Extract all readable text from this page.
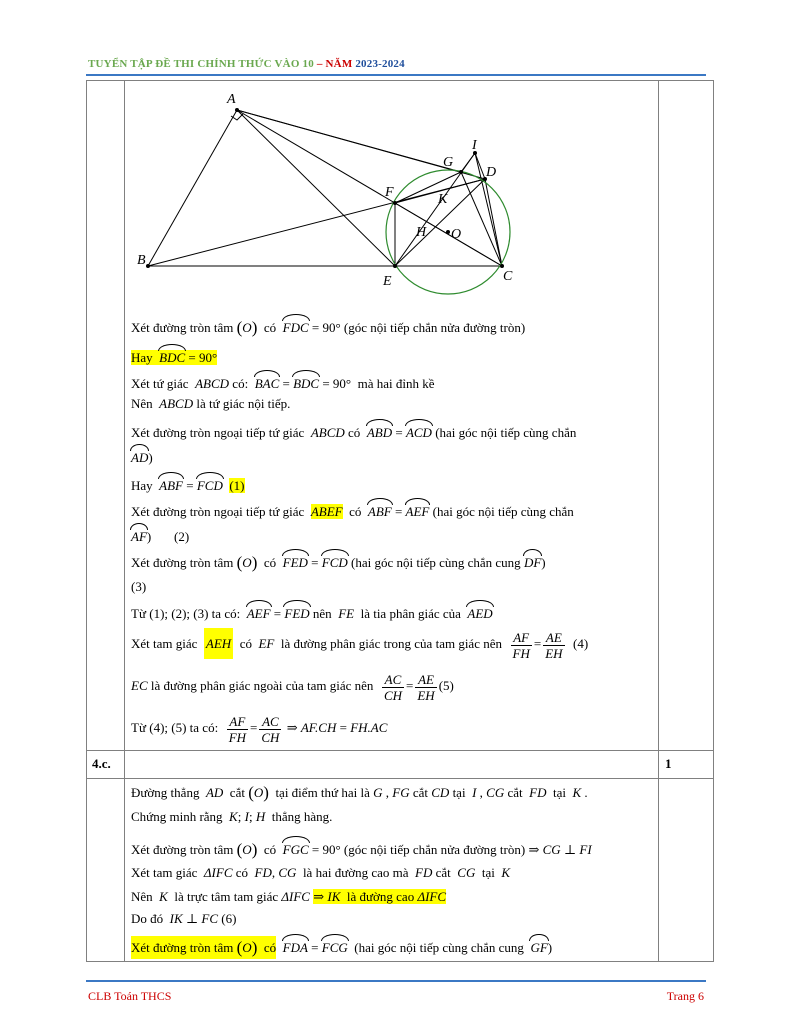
TUYỂN TẬP ĐỀ THI CHÍNH THỨC VÀO 10 – NĂM 2023-2024
A
B
C
D
E
F
G
H
I
K
O
Xét đường tròn tâm (O) có FDC = 90° (góc nội tiếp chắn nửa đường tròn)
Hay BDC = 90°
Xét tứ giác ABCD có: BAC = BDC = 90°  mà hai đỉnh kề
Nên ABCD là tứ giác nội tiếp.
Xét đường tròn ngoại tiếp tứ giác ABCD có ABD = ACD (hai góc nội tiếp cùng chắn
AD)
Hay ABF = FCD (1)
Xét đường tròn ngoại tiếp tứ giác ABEF có ABF = AEF (hai góc nội tiếp cùng chắn
AF)       (2)
Xét đường tròn tâm (O) có FED = FCD (hai góc nội tiếp cùng chắn cung DF)
(3)
Từ (1); (2); (3) ta có: AEF = FED nên FE là tia phân giác của AED
Xét tam giác AEH có EF là đường phân giác trong của tam giác nên $\frac{AF}{FH} = \frac{AE}{EH} (4)$
EC là đường phân giác ngoài của tam giác nên $\frac{AC}{CH} = \frac{AE}{EH} (5)$
Từ (4); (5) ta có: $\frac{AF}{FH} = \frac{AC}{CH}$ ⇒ AF.CH = FH.AC
4.c.	1
Đường thẳng AD cắt (O) tại điểm thứ hai là G , FG cắt CD tại I , CG cắt FD tại K .
Chứng minh rằng K; I; H thẳng hàng.
Xét đường tròn tâm (O) có FGC = 90° (góc nội tiếp chắn nửa đường tròn) ⇒ CG ⊥ FI
Xét tam giác ΔIFC có FD, CG là hai đường cao mà FD cắt CG tại K
Nên K là trực tâm tam giác ΔIFC ⇒ IK là đường cao ΔIFC
Do đó IK ⊥ FC (6)
Xét đường tròn tâm (O) có FDA = FCG (hai góc nội tiếp cùng chắn cung GF)
CLB Toán THCS	Trang 6
